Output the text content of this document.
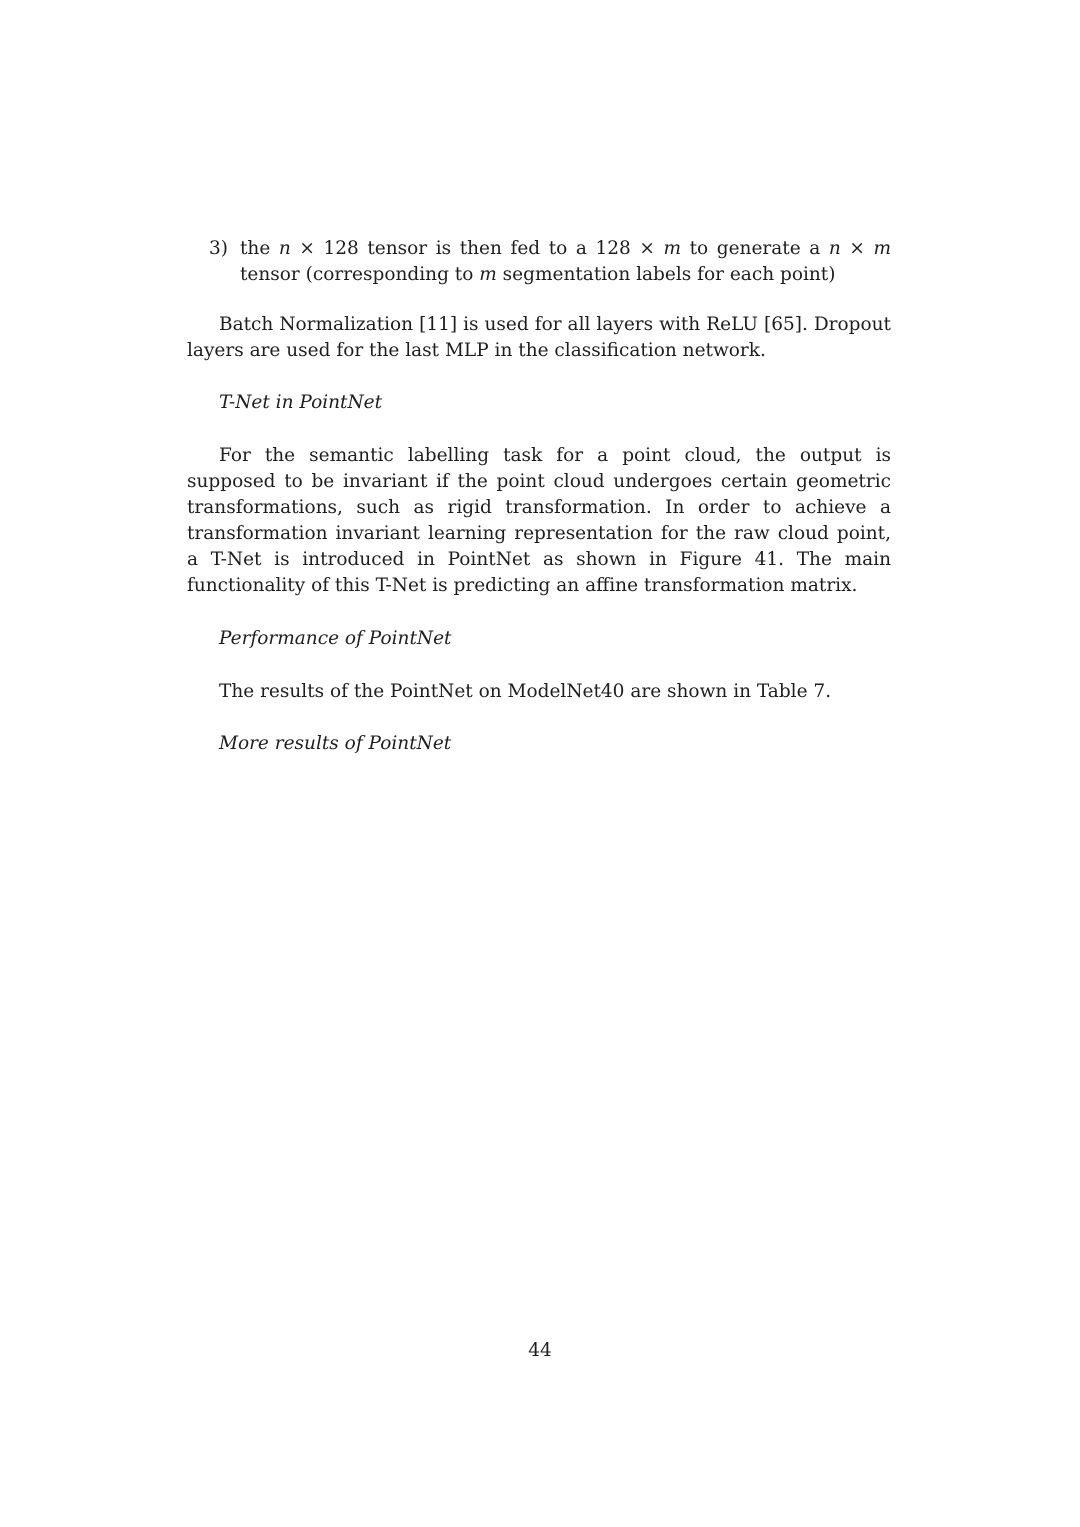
3) the n × 128 tensor is then fed to a 128 × m to generate a n × m tensor (corresponding to m segmentation labels for each point)

Batch Normalization [11] is used for all layers with ReLU [65]. Dropout layers are used for the last MLP in the classification network.

T-Net in PointNet

For the semantic labelling task for a point cloud, the output is supposed to be invariant if the point cloud undergoes certain geometric transformations, such as rigid transformation. In order to achieve a transformation invariant learning representation for the raw cloud point, a T-Net is introduced in PointNet as shown in Figure 41. The main functionality of this T-Net is predicting an affine transformation matrix.

Performance of PointNet

The results of the PointNet on ModelNet40 are shown in Table 7.

More results of PointNet
44
